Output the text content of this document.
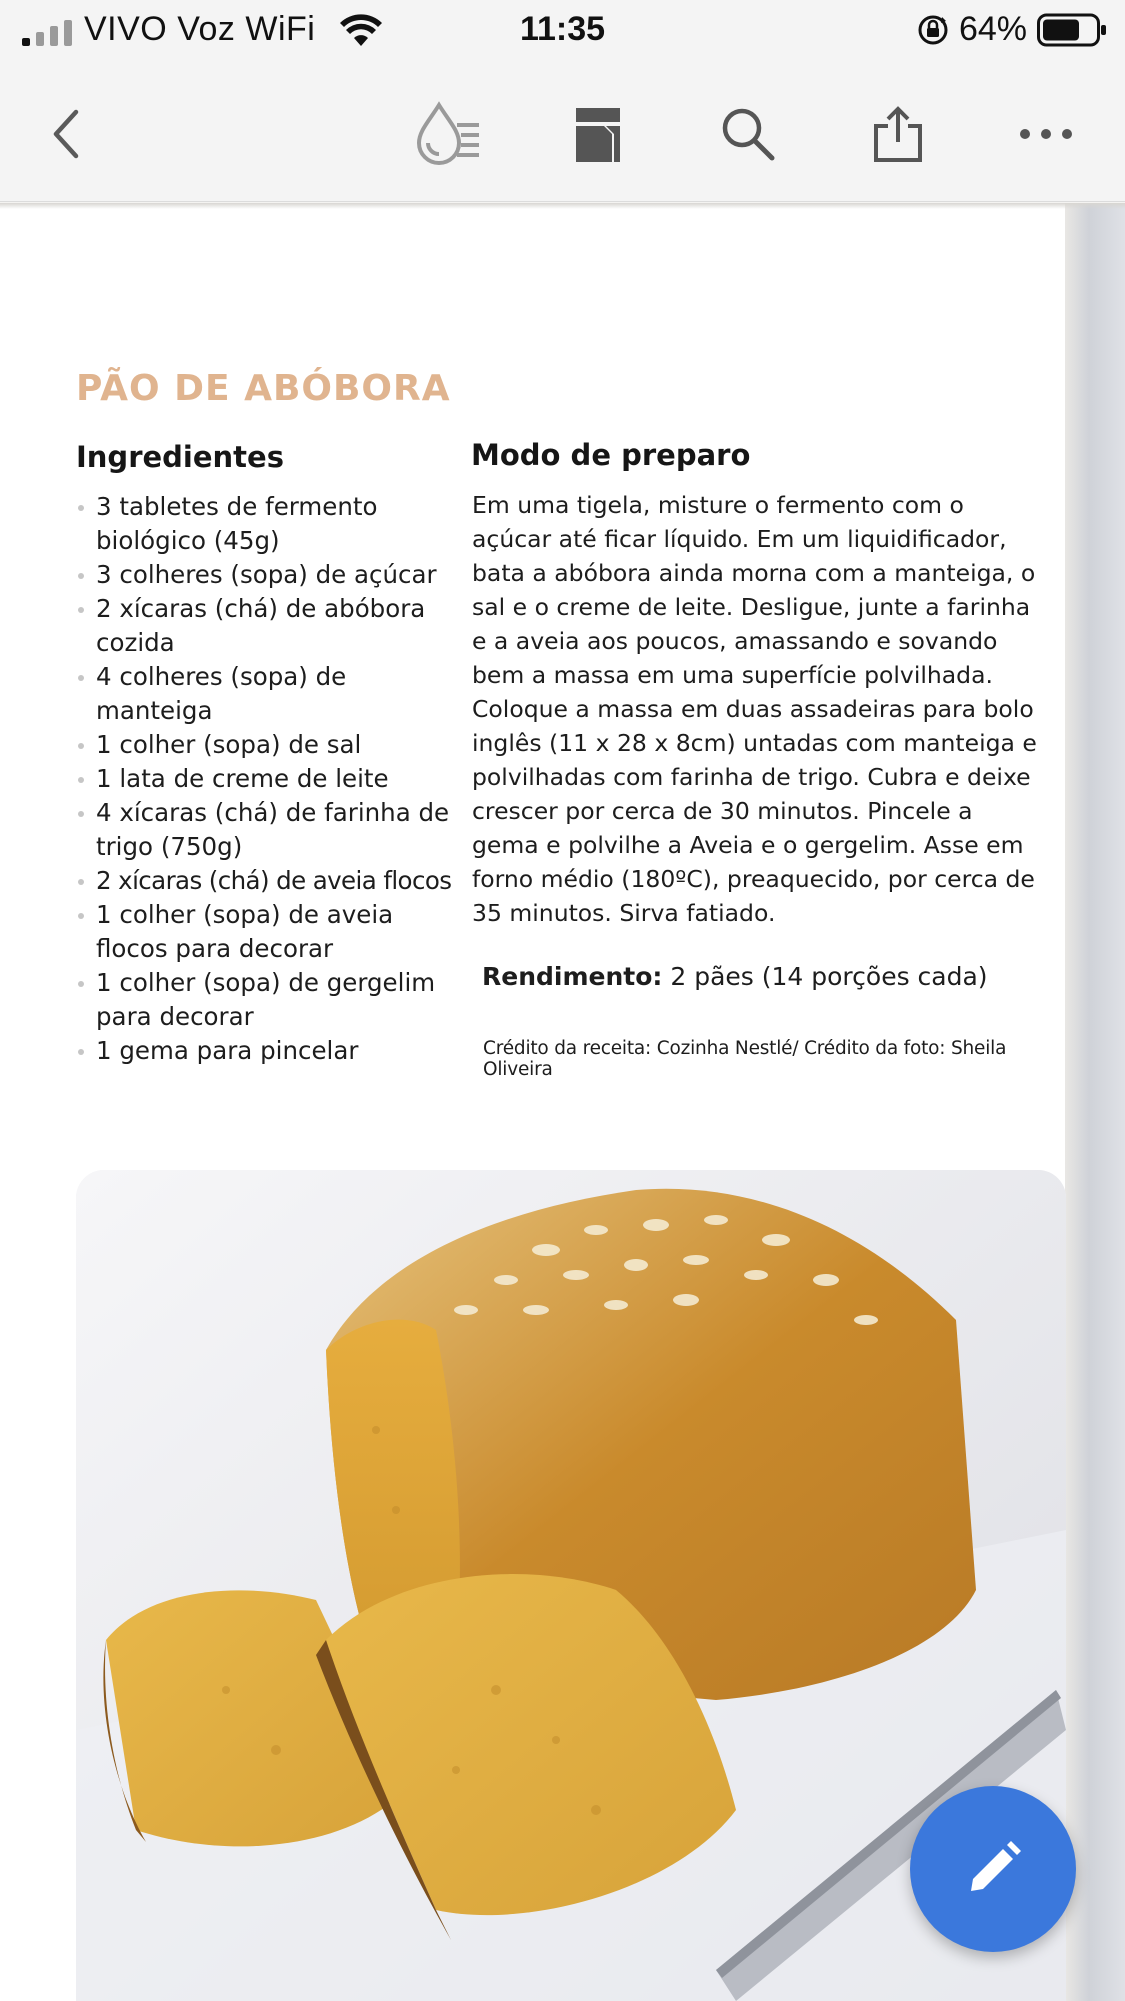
VIVO Voz WiFi	11:35	64%
PÃO DE ABÓBORA
Ingredientes
3 tabletes de fermento biológico (45g)
3 colheres (sopa) de açúcar
2 xícaras (chá) de abóbora cozida
4 colheres (sopa) de manteiga
1 colher (sopa) de sal
1 lata de creme de leite
4 xícaras (chá) de farinha de trigo (750g)
2 xícaras (chá) de aveia flocos
1 colher (sopa) de aveia flocos para decorar
1 colher (sopa) de gergelim para decorar
1 gema para pincelar
Modo de preparo

Em uma tigela, misture o fermento com o açúcar até ficar líquido. Em um liquidificador, bata a abóbora ainda morna com a manteiga, o sal e o creme de leite. Desligue, junte a farinha e a aveia aos poucos, amassando e sovando bem a massa em uma superfície polvilhada. Coloque a massa em duas assadeiras para bolo inglês (11 x 28 x 8cm) untadas com manteiga e polvilhadas com farinha de trigo. Cubra e deixe crescer por cerca de 30 minutos. Pincele a gema e polvilhe a Aveia e o gergelim. Asse em forno médio (180ºC), preaquecido, por cerca de 35 minutos. Sirva fatiado.

Rendimento: 2 pães (14 porções cada)
Crédito da receita: Cozinha Nestlé/ Crédito da foto: Sheila Oliveira
